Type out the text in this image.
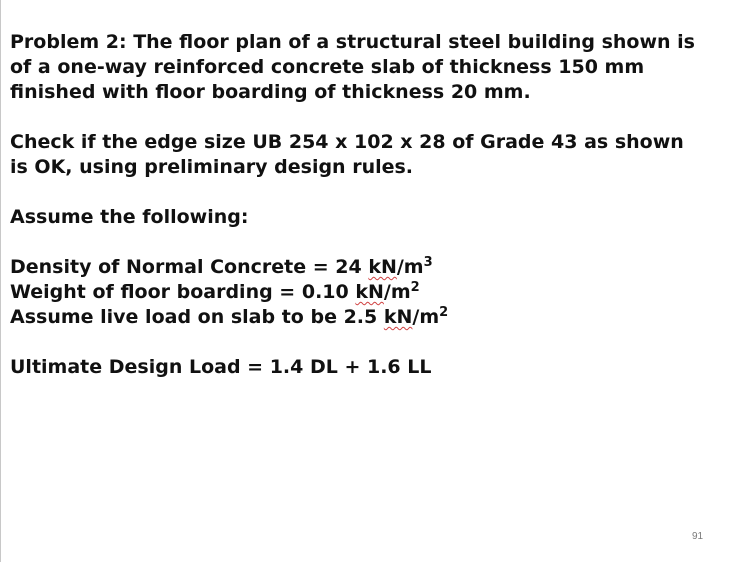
Problem 2: The floor plan of a structural steel building shown is
of a one-way reinforced concrete slab of thickness 150 mm
finished with floor boarding of thickness 20 mm.
Check if the edge size UB 254 x 102 x 28 of Grade 43 as shown
is OK, using preliminary design rules.
Assume the following:
Density of Normal Concrete = 24 $kN/m^3$
Weight of floor boarding = 0.10 $kN/m^2$
Assume live load on slab to be 2.5 $kN/m^2$
Ultimate Design Load = 1.4 DL + 1.6 LL
91
